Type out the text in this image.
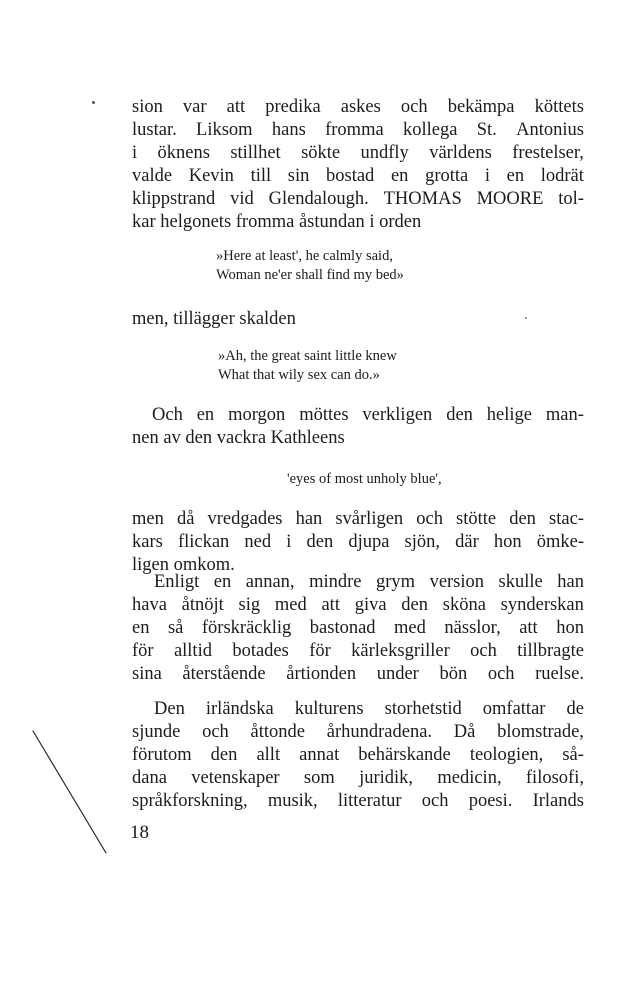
sion var att predika askes och bekämpa köttets
lustar. Liksom hans fromma kollega St. Antonius
i öknens stillhet sökte undfly världens frestelser,
valde Kevin till sin bostad en grotta i en lodrät
klippstrand vid Glendalough. THOMAS MOORE tol-
kar helgonets fromma åstundan i orden
»Here at least', he calmly said,
Woman ne'er shall find my bed»
men, tillägger skalden
»Ah, the great saint little knew
What that wily sex can do.»
Och en morgon möttes verkligen den helige man-
nen av den vackra Kathleens
'eyes of most unholy blue',
men då vredgades han svårligen och stötte den stac-
kars flickan ned i den djupa sjön, där hon ömke-
ligen omkom.
Enligt en annan, mindre grym version skulle han
hava åtnöjt sig med att giva den sköna synderskan
en så förskräcklig bastonad med nässlor, att hon
för alltid botades för kärleksgriller och tillbragte
sina återstående årtionden under bön och ruelse.
Den irländska kulturens storhetstid omfattar de
sjunde och åttonde århundradena. Då blomstrade,
förutom den allt annat behärskande teologien, så-
dana vetenskaper som juridik, medicin, filosofi,
språkforskning, musik, litteratur och poesi. Irlands
18
